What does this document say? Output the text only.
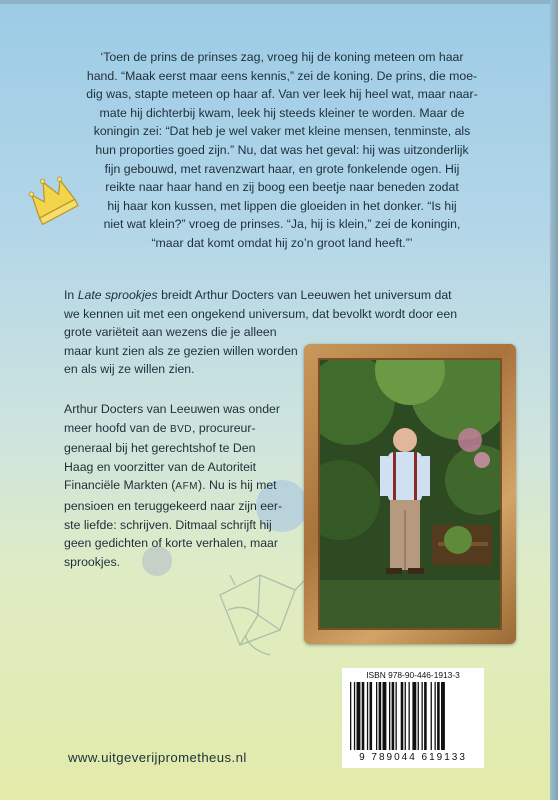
‘Toen de prins de prinses zag, vroeg hij de koning meteen om haar
hand. “Maak eerst maar eens kennis,” zei de koning. De prins, die moe-
dig was, stapte meteen op haar af. Van ver leek hij heel wat, maar naar-
mate hij dichterbij kwam, leek hij steeds kleiner te worden. Maar de
koningin zei: “Dat heb je wel vaker met kleine mensen, tenminste, als
hun proporties goed zijn.” Nu, dat was het geval: hij was uitzonderlijk
fijn gebouwd, met ravenzwart haar, en grote fonkelende ogen. Hij
reikte naar haar hand en zij boog een beetje naar beneden zodat
hij haar kon kussen, met lippen die gloeiden in het donker. “Is hij
niet wat klein?” vroeg de prinses. “Ja, hij is klein,” zei de koningin,
“maar dat komt omdat hij zo’n groot land heeft.”’
In Late sprookjes breidt Arthur Docters van Leeuwen het universum dat
we kennen uit met een ongekend universum, dat bevolkt wordt door een
grote variëteit aan wezens die je alleen
maar kunt zien als ze gezien willen worden
en als wij ze willen zien.
Arthur Docters van Leeuwen was onder
meer hoofd van de BVD, procureur-
generaal bij het gerechtshof te Den
Haag en voorzitter van de Autoriteit
Financiële Markten (AFM). Nu is hij met
pensioen en teruggekeerd naar zijn eer-
ste liefde: schrijven. Ditmaal schrijft hij
geen gedichten of korte verhalen, maar
sprookjes.
ISBN 978-90-446-1913-3
9 789044 619133
www.uitgeverijprometheus.nl
